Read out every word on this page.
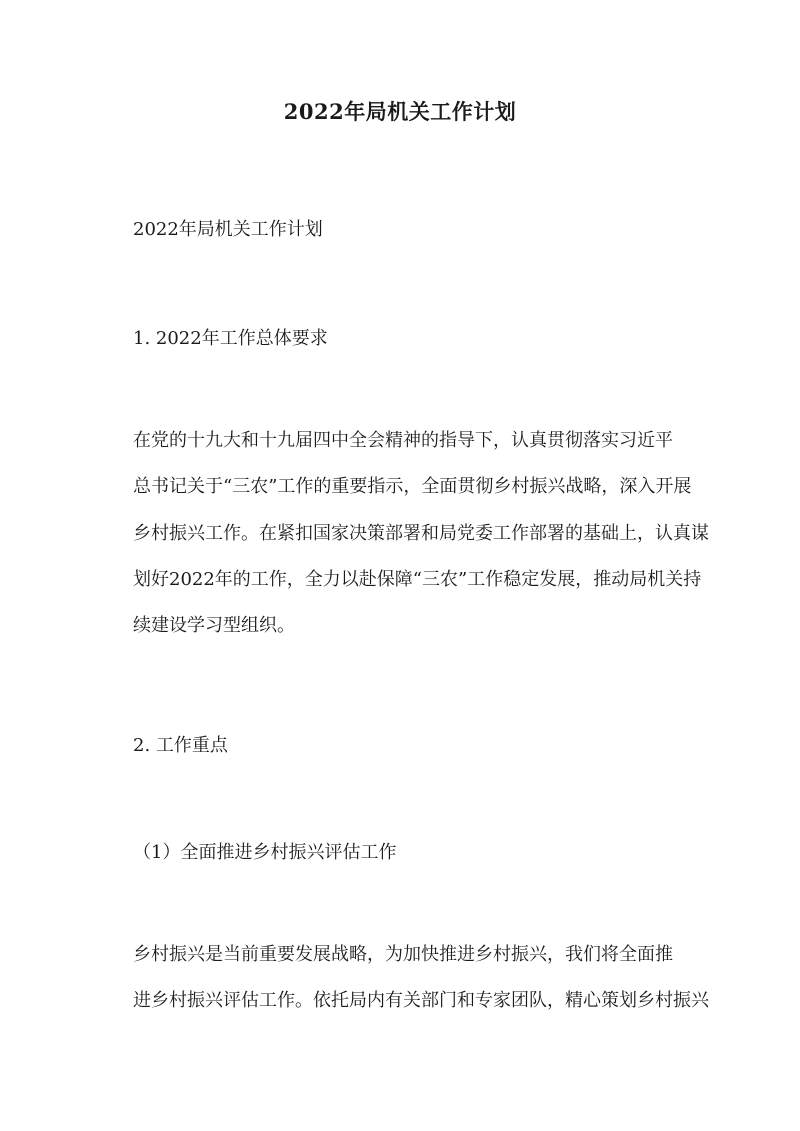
2022年局机关工作计划
2022年局机关工作计划
1. 2022年工作总体要求
在党的十九大和十九届四中全会精神的指导下，认真贯彻落实习近平
总书记关于“三农”工作的重要指示，全面贯彻乡村振兴战略，深入开展
乡村振兴工作。在紧扣国家决策部署和局党委工作部署的基础上，认真谋
划好2022年的工作，全力以赴保障“三农”工作稳定发展，推动局机关持
续建设学习型组织。
2. 工作重点
（1）全面推进乡村振兴评估工作
乡村振兴是当前重要发展战略，为加快推进乡村振兴，我们将全面推
进乡村振兴评估工作。依托局内有关部门和专家团队，精心策划乡村振兴
